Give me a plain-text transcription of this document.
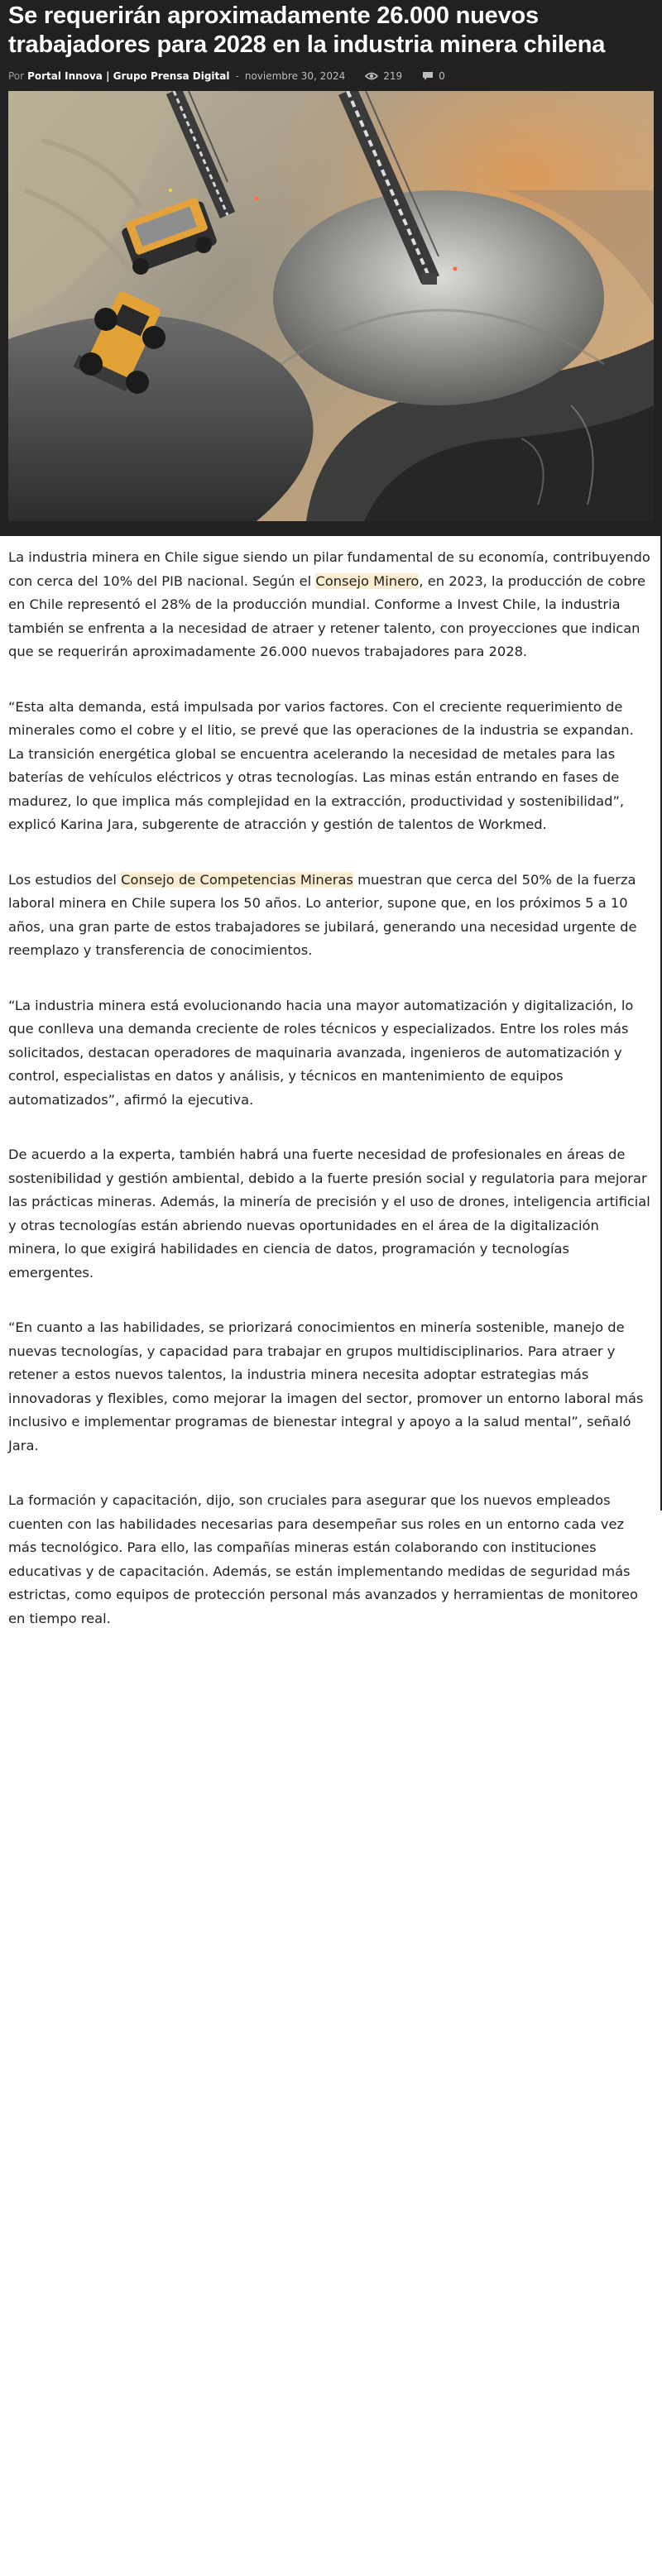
Se requerirán aproximadamente 26.000 nuevos trabajadores para 2028 en la industria minera chilena
Por Portal Innova | Grupo Prensa Digital - noviembre 30, 2024	219	0

La industria minera en Chile sigue siendo un pilar fundamental de su economía, contribuyendo con cerca del 10% del PIB nacional. Según el Consejo Minero, en 2023, la producción de cobre en Chile representó el 28% de la producción mundial. Conforme a Invest Chile, la industria también se enfrenta a la necesidad de atraer y retener talento, con proyecciones que indican que se requerirán aproximadamente 26.000 nuevos trabajadores para 2028.

“Esta alta demanda, está impulsada por varios factores. Con el creciente requerimiento de minerales como el cobre y el litio, se prevé que las operaciones de la industria se expandan. La transición energética global se encuentra acelerando la necesidad de metales para las baterías de vehículos eléctricos y otras tecnologías. Las minas están entrando en fases de madurez, lo que implica más complejidad en la extracción, productividad y sostenibilidad”, explicó Karina Jara, subgerente de atracción y gestión de talentos de Workmed.

Los estudios del Consejo de Competencias Mineras muestran que cerca del 50% de la fuerza laboral minera en Chile supera los 50 años. Lo anterior, supone que, en los próximos 5 a 10 años, una gran parte de estos trabajadores se jubilará, generando una necesidad urgente de reemplazo y transferencia de conocimientos.

“La industria minera está evolucionando hacia una mayor automatización y digitalización, lo que conlleva una demanda creciente de roles técnicos y especializados. Entre los roles más solicitados, destacan operadores de maquinaria avanzada, ingenieros de automatización y control, especialistas en datos y análisis, y técnicos en mantenimiento de equipos automatizados”, afirmó la ejecutiva.

De acuerdo a la experta, también habrá una fuerte necesidad de profesionales en áreas de sostenibilidad y gestión ambiental, debido a la fuerte presión social y regulatoria para mejorar las prácticas mineras. Además, la minería de precisión y el uso de drones, inteligencia artificial y otras tecnologías están abriendo nuevas oportunidades en el área de la digitalización minera, lo que exigirá habilidades en ciencia de datos, programación y tecnologías emergentes.

“En cuanto a las habilidades, se priorizará conocimientos en minería sostenible, manejo de nuevas tecnologías, y capacidad para trabajar en grupos multidisciplinarios. Para atraer y retener a estos nuevos talentos, la industria minera necesita adoptar estrategias más innovadoras y flexibles, como mejorar la imagen del sector, promover un entorno laboral más inclusivo e implementar programas de bienestar integral y apoyo a la salud mental”, señaló Jara.

La formación y capacitación, dijo, son cruciales para asegurar que los nuevos empleados cuenten con las habilidades necesarias para desempeñar sus roles en un entorno cada vez más tecnológico. Para ello, las compañías mineras están colaborando con instituciones educativas y de capacitación. Además, se están implementando medidas de seguridad más estrictas, como equipos de protección personal más avanzados y herramientas de monitoreo en tiempo real.
